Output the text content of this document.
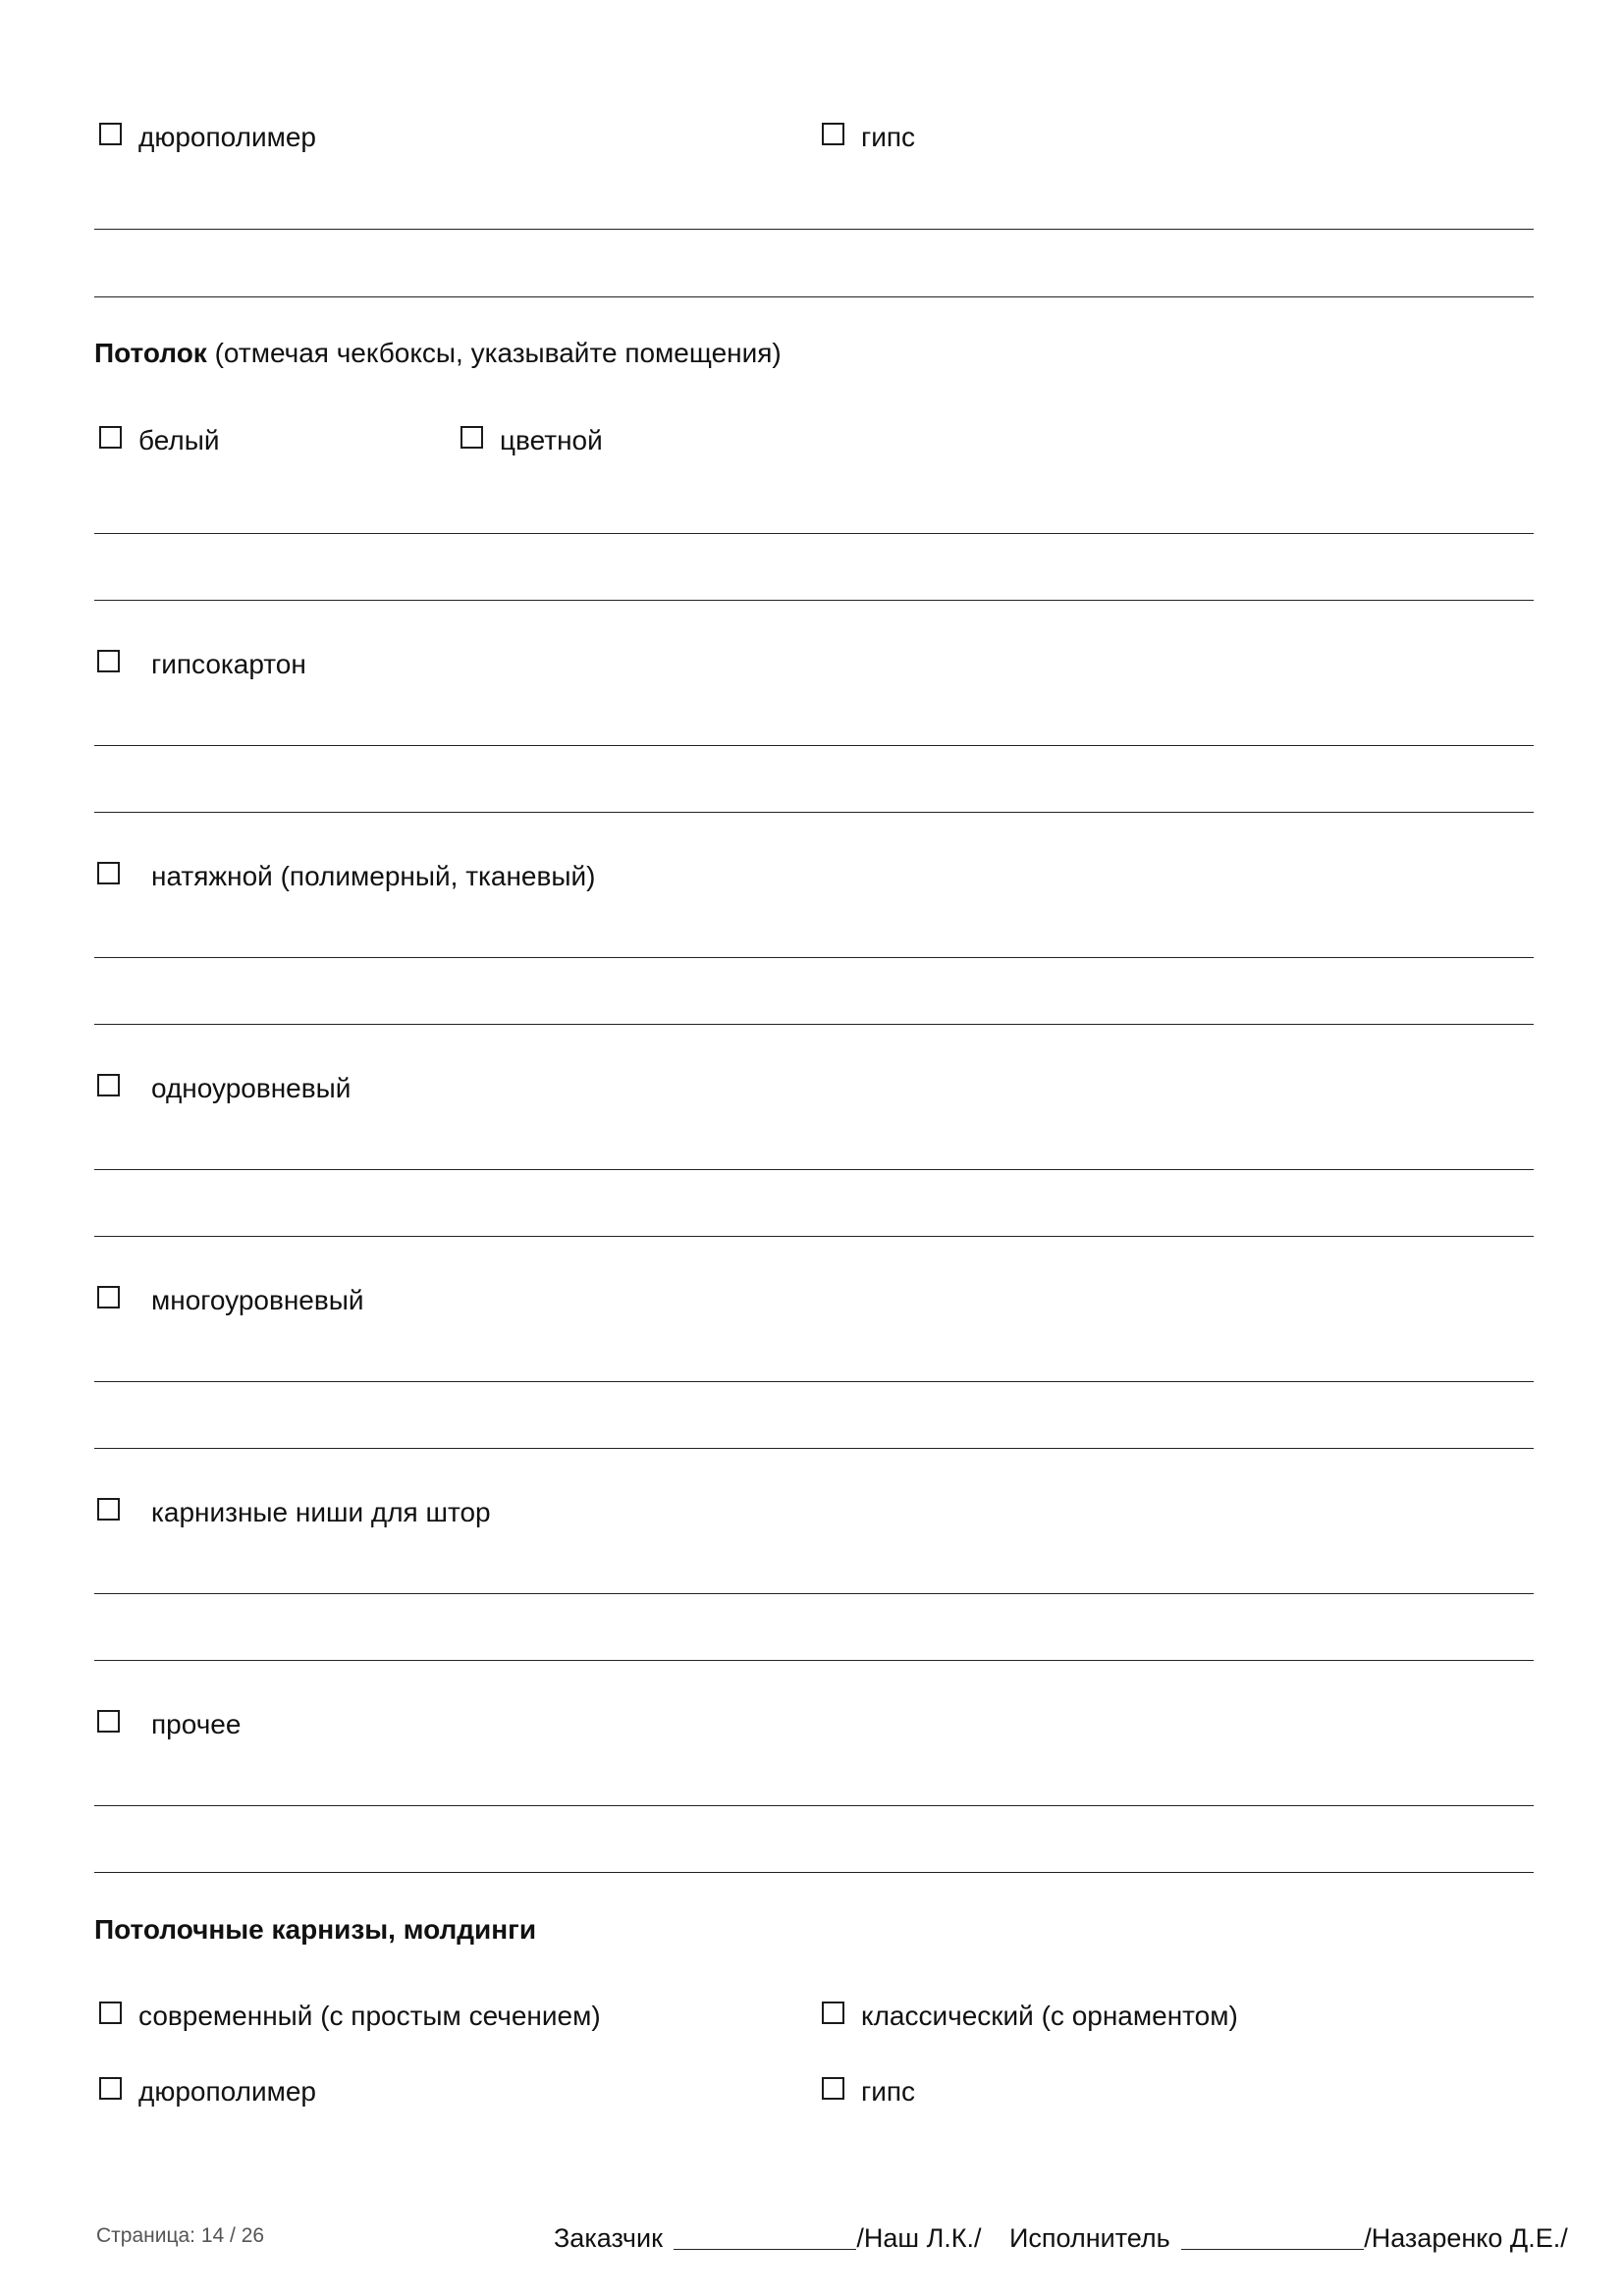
дюрополимер	гипс
Потолок (отмечая чекбоксы, указывайте помещения)
белый	цветной
гипсокартон
натяжной (полимерный, тканевый)
одноуровневый
многоуровневый
карнизные ниши для штор
прочее
Потолочные карнизы, молдинги
современный (с простым сечением)	классический (с орнаментом)
дюрополимер	гипс
Страница: 14 / 26	Заказчик	/Наш Л.К./ Исполнитель	/Назаренко Д.Е./
